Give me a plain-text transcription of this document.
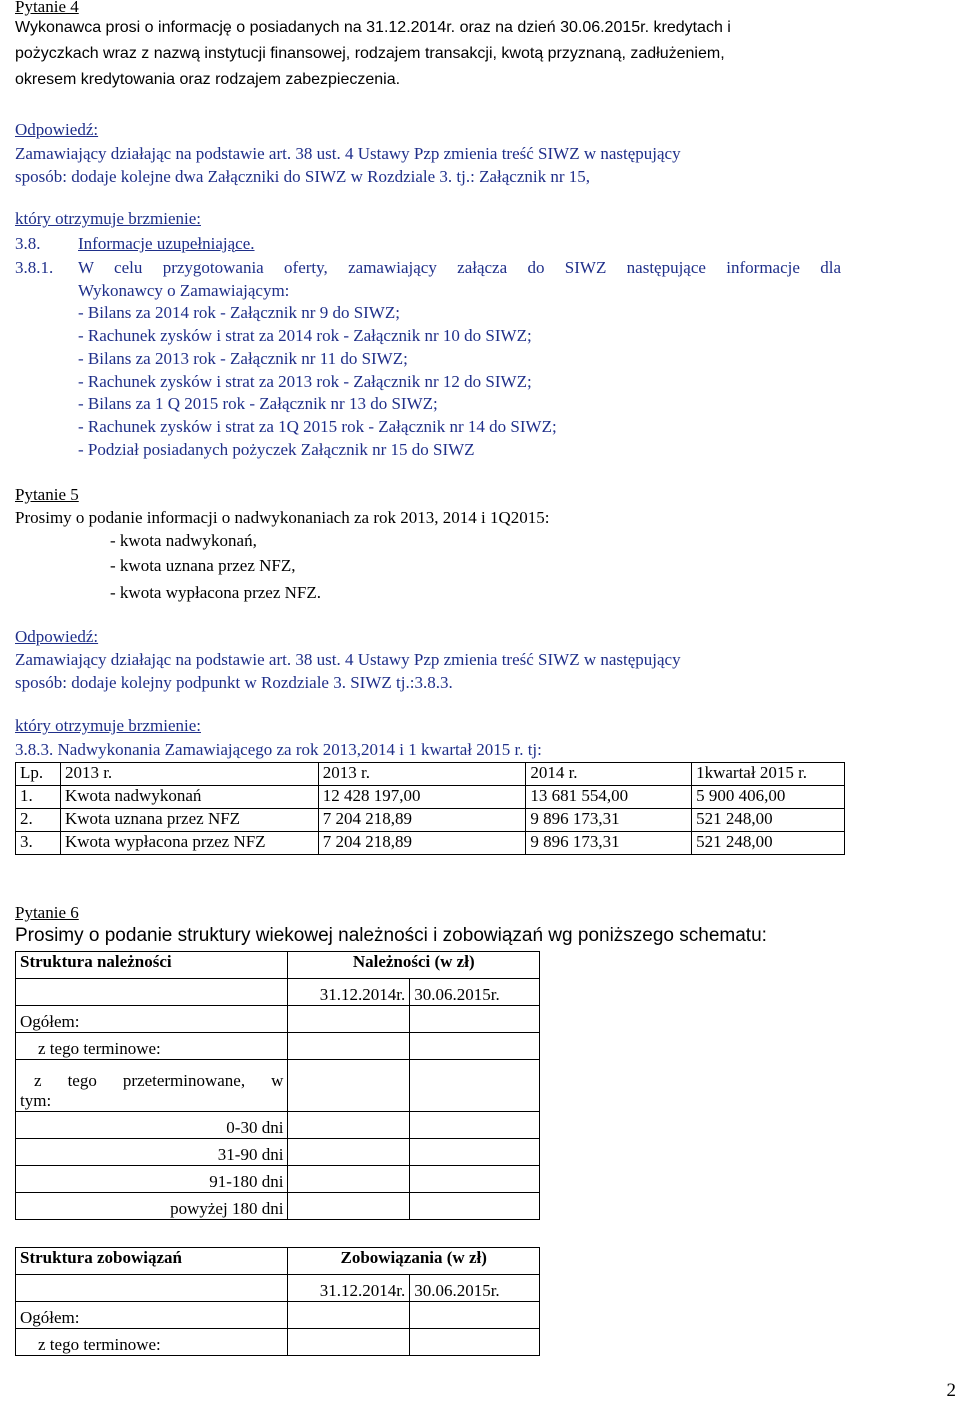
Pytanie 4
Wykonawca prosi o informację o posiadanych na 31.12.2014r. oraz na dzień 30.06.2015r. kredytach i
pożyczkach wraz z nazwą instytucji finansowej, rodzajem transakcji, kwotą przyznaną, zadłużeniem,
okresem kredytowania oraz rodzajem zabezpieczenia.
Odpowiedź:
Zamawiający działając na podstawie art. 38 ust. 4 Ustawy Pzp zmienia treść SIWZ w następujący
sposób: dodaje kolejne dwa Załączniki do SIWZ w Rozdziale 3. tj.: Załącznik nr 15,
który otrzymuje brzmienie:
3.8. Informacje uzupełniające.
3.8.1. W celu przygotowania oferty, zamawiający załącza do SIWZ następujące informacje dla
Wykonawcy o Zamawiającym:
- Bilans za 2014 rok - Załącznik nr 9 do SIWZ;
- Rachunek zysków i strat za 2014 rok - Załącznik nr 10 do SIWZ;
- Bilans za 2013 rok - Załącznik nr 11 do SIWZ;
- Rachunek zysków i strat za 2013 rok - Załącznik nr 12 do SIWZ;
- Bilans za 1 Q 2015 rok - Załącznik nr 13 do SIWZ;
- Rachunek zysków i strat za 1Q 2015 rok - Załącznik nr 14 do SIWZ;
- Podział posiadanych pożyczek Załącznik nr 15 do SIWZ
Pytanie 5
Prosimy o podanie informacji o nadwykonaniach za rok 2013, 2014 i 1Q2015:
- kwota nadwykonań,
- kwota uznana przez NFZ,
- kwota wypłacona przez NFZ.
Odpowiedź:
Zamawiający działając na podstawie art. 38 ust. 4 Ustawy Pzp zmienia treść SIWZ w następujący
sposób: dodaje kolejny podpunkt w Rozdziale 3. SIWZ tj.:3.8.3.
który otrzymuje brzmienie:
3.8.3. Nadwykonania Zamawiającego za rok 2013,2014 i 1 kwartał 2015 r. tj:
Lp.	2013 r.	2013 r.	2014 r.	1kwartał 2015 r.
1.	Kwota nadwykonań	12 428 197,00	13 681 554,00	5 900 406,00
2.	Kwota uznana przez NFZ	7 204 218,89	9 896 173,31	521 248,00
3.	Kwota wypłacona przez NFZ	7 204 218,89	9 896 173,31	521 248,00
Pytanie 6
Prosimy o podanie struktury wiekowej należności i zobowiązań wg poniższego schematu:
Struktura należności	Należności (w zł)	
	31.12.2014r.	30.06.2015r.
Ogółem:		
z tego terminowe:		

z tego przeterminowane, w
tym:		

0-30 dni		
31-90 dni		
91-180 dni		
powyżej 180 dni		
Struktura zobowiązań	Zobowiązania (w zł)	
	31.12.2014r.	30.06.2015r.
Ogółem:		
z tego terminowe:		
2
